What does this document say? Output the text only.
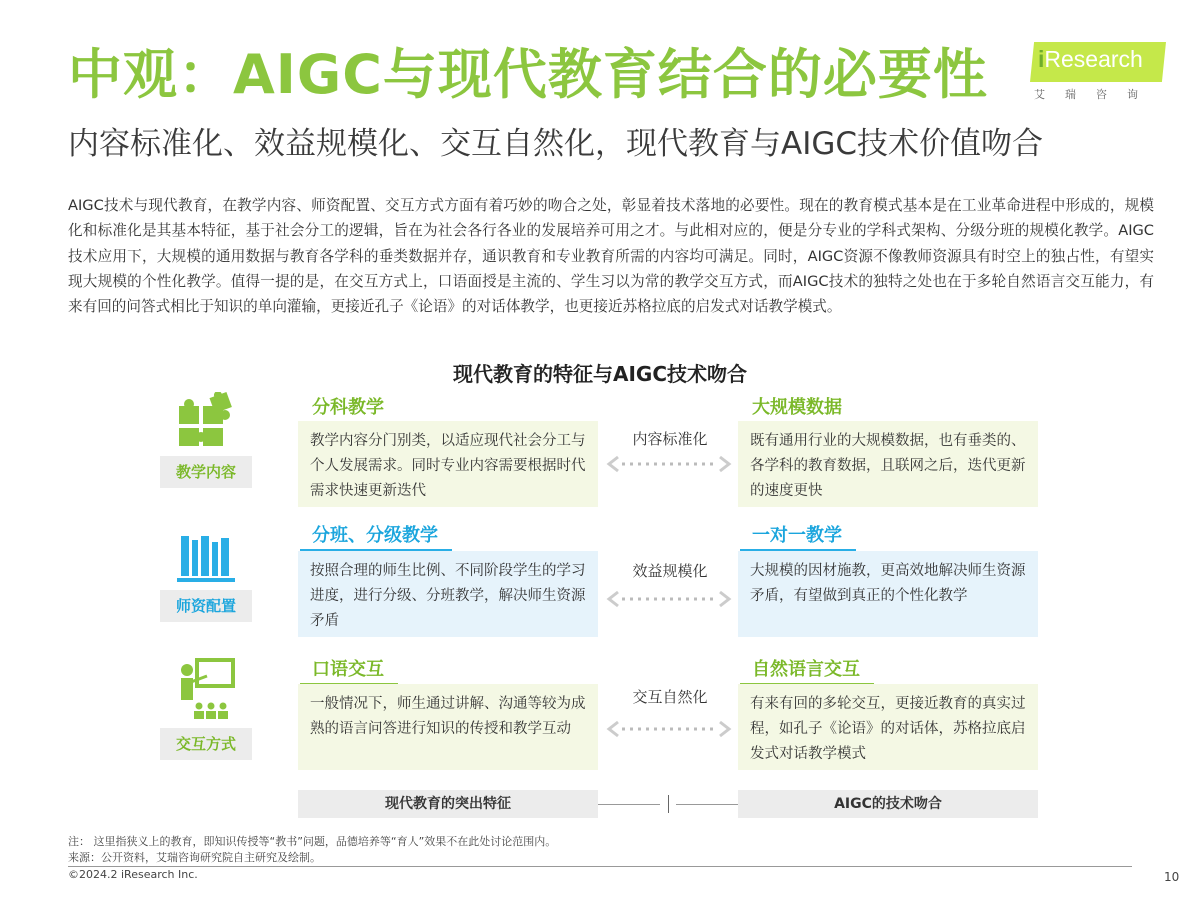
中观：AIGC与现代教育结合的必要性
内容标准化、效益规模化、交互自然化，现代教育与AIGC技术价值吻合
iResearch
艾瑞咨询
AIGC技术与现代教育，在教学内容、师资配置、交互方式方面有着巧妙的吻合之处，彰显着技术落地的必要性。现在的教育模式基本是在工业革命进程中形成的，规模化和标准化是其基本特征，基于社会分工的逻辑，旨在为社会各行各业的发展培养可用之才。与此相对应的，便是分专业的学科式架构、分级分班的规模化教学。AIGC技术应用下，大规模的通用数据与教育各学科的垂类数据并存，通识教育和专业教育所需的内容均可满足。同时，AIGC资源不像教师资源具有时空上的独占性，有望实现大规模的个性化教学。值得一提的是，在交互方式上，口语面授是主流的、学生习以为常的教学交互方式，而AIGC技术的独特之处也在于多轮自然语言交互能力，有来有回的问答式相比于知识的单向灌输，更接近孔子《论语》的对话体教学，也更接近苏格拉底的启发式对话教学模式。
现代教育的特征与AIGC技术吻合
教学内容
分科教学
教学内容分门别类，以适应现代社会分工与个人发展需求。同时专业内容需要根据时代需求快速更新迭代
内容标准化
大规模数据
既有通用行业的大规模数据，也有垂类的、各学科的教育数据，且联网之后，迭代更新的速度更快
师资配置
分班、分级教学
按照合理的师生比例、不同阶段学生的学习进度，进行分级、分班教学，解决师生资源矛盾
效益规模化
一对一教学
大规模的因材施教，更高效地解决师生资源矛盾，有望做到真正的个性化教学
交互方式
口语交互
一般情况下，师生通过讲解、沟通等较为成熟的语言问答进行知识的传授和教学互动
交互自然化
自然语言交互
有来有回的多轮交互，更接近教育的真实过程，如孔子《论语》的对话体，苏格拉底启发式对话教学模式
现代教育的突出特征	AIGC的技术吻合
注： 这里指狭义上的教育，即知识传授等“教书”问题，品德培养等“育人”效果不在此处讨论范围内。
来源：公开资料，艾瑞咨询研究院自主研究及绘制。
©2024.2 iResearch Inc.	10
